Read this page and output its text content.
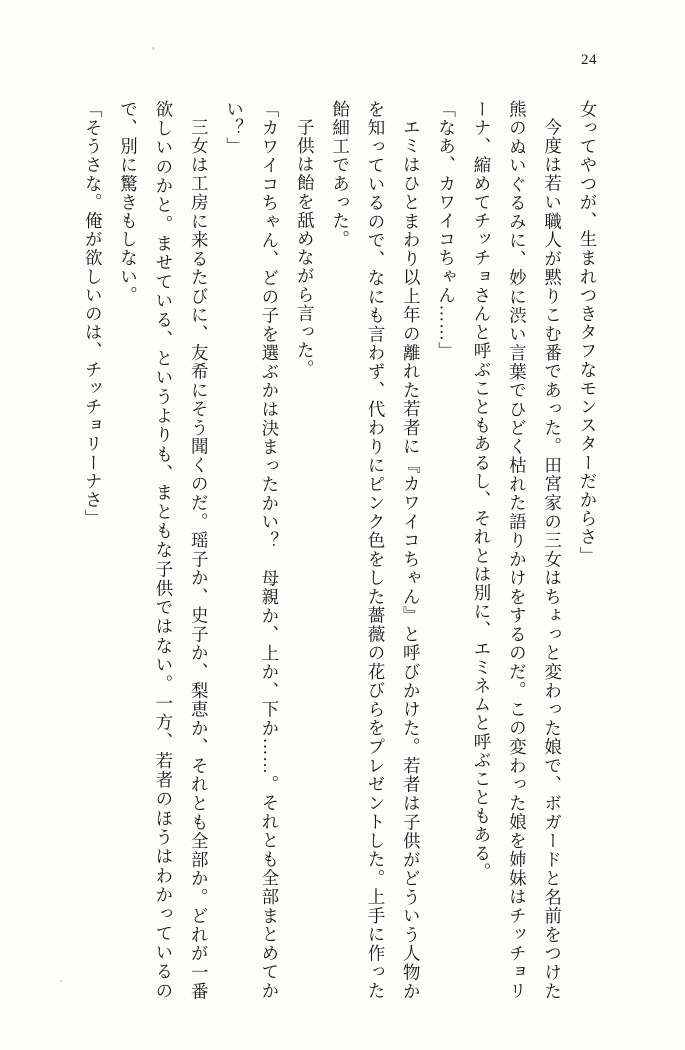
24

女ってやつが、生まれつきタフなモンスターだからさ」

今度は若い職人が黙りこむ番であった。田宮家の三女はちょっと変わった娘で、ボガードと名前をつけた熊のぬいぐるみに、妙に渋い言葉でひどく枯れた語りかけをするのだ。この変わった娘を姉妹はチッチョリーナ、縮めてチッチョさんと呼ぶこともあるし、それとは別に、エミネムと呼ぶこともある。

「なあ、カワイコちゃん……」

エミはひとまわり以上年の離れた若者に『カワイコちゃん』と呼びかけた。若者は子供がどういう人物かを知っているので、なにも言わず、代わりにピンク色をした薔薇の花びらをプレゼントした。上手に作った飴細工であった。

子供は飴を舐めながら言った。

「カワイコちゃん、どの子を選ぶかは決まったかい？　母親か、上か、下か……。それとも全部まとめてかい？」

三女は工房に来るたびに、友希にそう聞くのだ。瑶子か、史子か、梨恵か、それとも全部か。どれが一番欲しいのかと。ませている、というよりも、まともな子供ではない。一方、若者のほうはわかっているので、別に驚きもしない。

「そうさな。俺が欲しいのは、チッチョリーナさ」
